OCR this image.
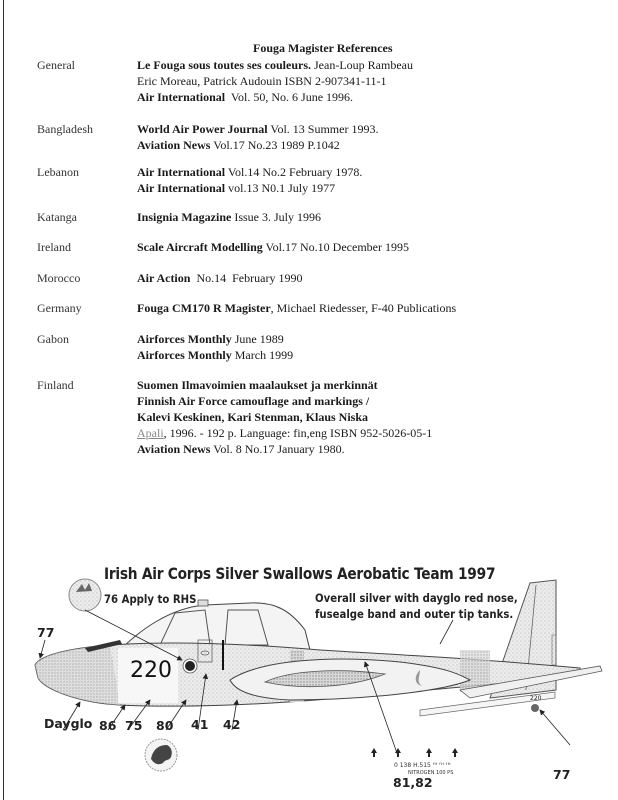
Fouga Magister References
General	Le Fouga sous toutes ses couleurs. Jean-Loup Rambeau
Eric Moreau, Patrick Audouin ISBN 2-907341-11-1
Air International  Vol. 50, No. 6 June 1996.
Bangladesh	World Air Power Journal Vol. 13 Summer 1993.
Aviation News Vol.17 No.23 1989 P.1042
Lebanon	Air International Vol.14 No.2 February 1978.
Air International vol.13 N0.1 July 1977
Katanga	Insignia Magazine Issue 3. July 1996
Ireland	Scale Aircraft Modelling Vol.17 No.10 December 1995
Morocco	Air Action  No.14  February 1990
Germany	Fouga CM170 R Magister, Michael Riedesser, F-40 Publications
Gabon	Airforces Monthly June 1989
Airforces Monthly March 1999
Finland	Suomen Ilmavoimien maalaukset ja merkinnät
Finnish Air Force camouflage and markings /
Kalevi Keskinen, Kari Stenman, Klaus Niska
Apali, 1996. - 192 p. Language: fin,eng ISBN 952-5026-05-1
Aviation News Vol. 8 No.17 January 1980.
Irish Air Corps Silver Swallows Aerobatic Team 1997
Overall silver with dayglo red nose,
fusealge band and outer tip tanks.
76 Apply to RHS
220
220
0 138 H.515 ᶠᴴ ᶠᴴ ᶠᴴ
NITROGEN 100 PS
77
77
Dayglo 86 75 80 41 42
81,82
